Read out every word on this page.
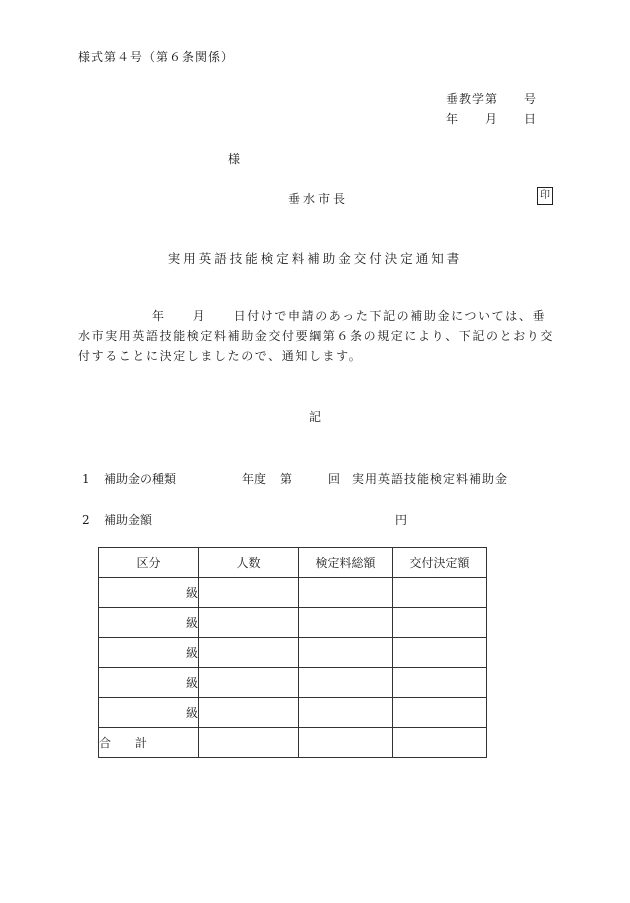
様式第４号（第６条関係）
垂教学第　　号
年　　月　　日
様
垂水市長	印
実用英語技能検定料補助金交付決定通知書

年　　月　　日付けで申請のあった下記の補助金については、垂水市実用英語技能検定料補助金交付要綱第６条の規定により、下記のとおり交付することに決定しましたので、通知します。

記
1 補助金の種類	年度 第	回 実用英語技能検定料補助金
2 補助金額	円
区分	人数	検定料総額	交付決定額
級			
級			
級			
級			
級			
合 計			
